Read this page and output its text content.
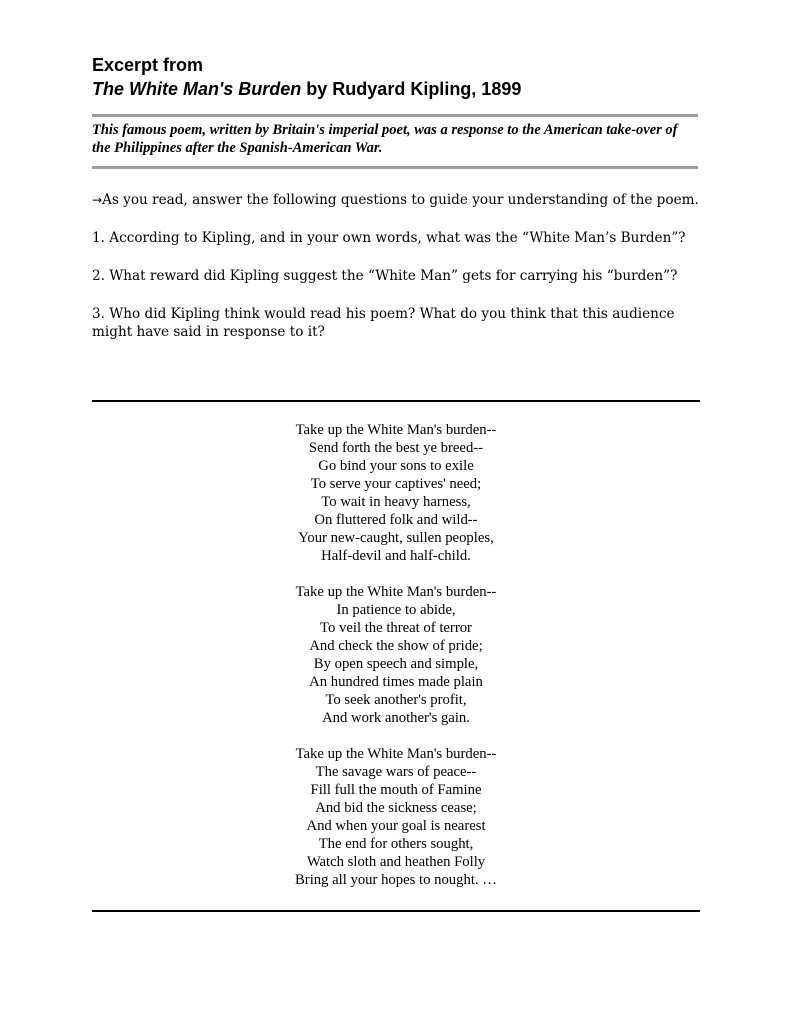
Excerpt from
The White Man's Burden by Rudyard Kipling, 1899

This famous poem, written by Britain's imperial poet, was a response to the American take-over of the Philippines after the Spanish-American War.

→As you read, answer the following questions to guide your understanding of the poem.

1. According to Kipling, and in your own words, what was the “White Man’s Burden”?

2. What reward did Kipling suggest the “White Man” gets for carrying his “burden”?

3. Who did Kipling think would read his poem? What do you think that this audience might have said in response to it?

Take up the White Man's burden--
Send forth the best ye breed--
Go bind your sons to exile
To serve your captives' need;
To wait in heavy harness,
On fluttered folk and wild--
Your new-caught, sullen peoples,
Half-devil and half-child.
Take up the White Man's burden--
In patience to abide,
To veil the threat of terror
And check the show of pride;
By open speech and simple,
An hundred times made plain
To seek another's profit,
And work another's gain.
Take up the White Man's burden--
The savage wars of peace--
Fill full the mouth of Famine
And bid the sickness cease;
And when your goal is nearest
The end for others sought,
Watch sloth and heathen Folly
Bring all your hopes to nought. …
